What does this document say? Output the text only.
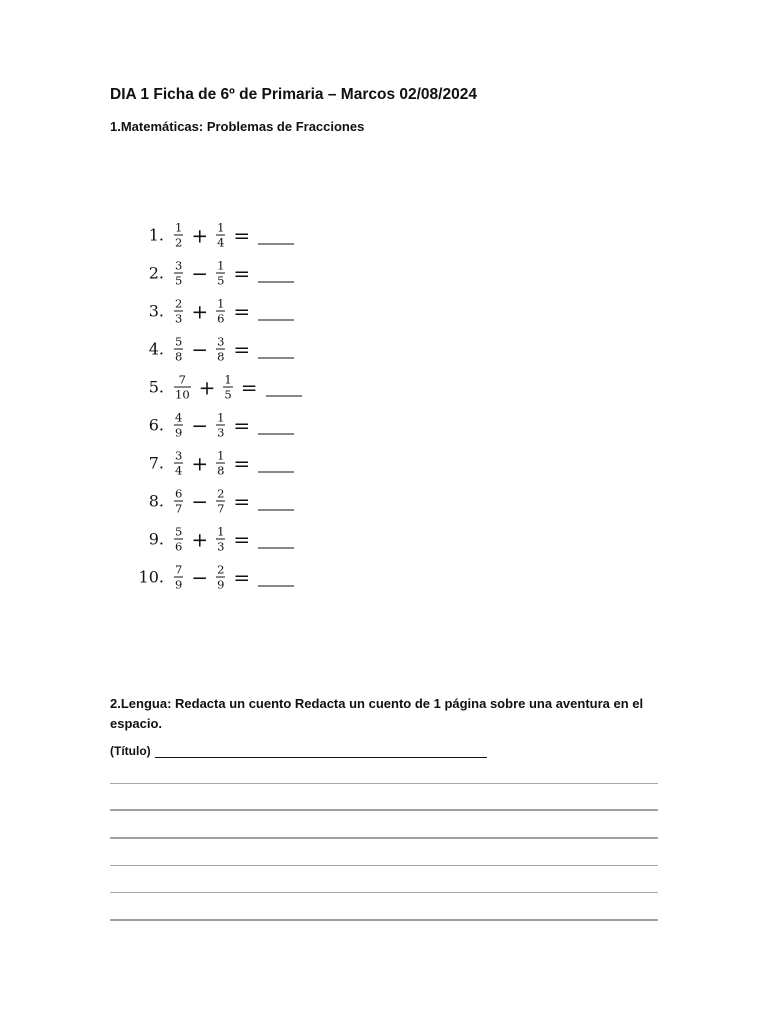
DIA 1 Ficha de 6º de Primaria – Marcos 02/08/2024
1.Matemáticas: Problemas de Fracciones
1. $\frac{1}{2} + \frac{1}{4}$ =
2. $\frac{3}{5} - \frac{1}{5}$ =
3. $\frac{2}{3} + \frac{1}{6}$ =
4. $\frac{5}{8} - \frac{3}{8}$ =
5. $\frac{7}{10} + \frac{1}{5}$ =
6. $\frac{4}{9} - \frac{1}{3}$ =
7. $\frac{3}{4} + \frac{1}{8}$ =
8. $\frac{6}{7} - \frac{2}{7}$ =
9. $\frac{5}{6} + \frac{1}{3}$ =
10. $\frac{7}{9} - \frac{2}{9}$ =
2.Lengua: Redacta un cuento Redacta un cuento de 1 página sobre una aventura en el espacio.
(Título)
